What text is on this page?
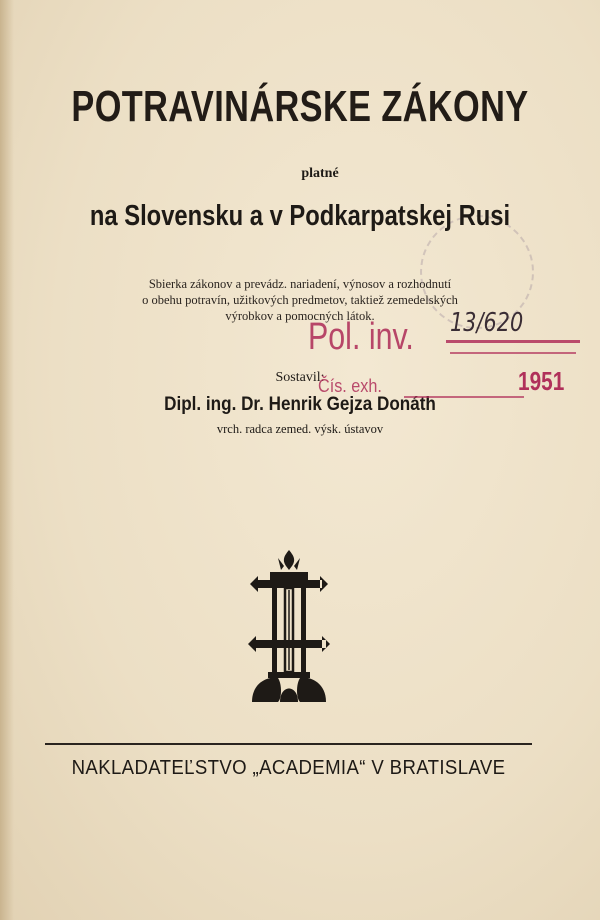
POTRAVINÁRSKE ZÁKONY
platné
na Slovensku a v Podkarpatskej Rusi
Sbierka zákonov a prevádz. nariadení, výnosov a rozhodnutí
o obehu potravín, užitkových predmetov, taktiež zemedelských
výrobkov a pomocných látok.
Sostavil:
Dipl. ing. Dr. Henrik Gejza Donáth
vrch. radca zemed. výsk. ústavov
Pol. inv. 13/620
Čís. exh.	1951
NAKLADATEĽSTVO „ACADEMIA“ V BRATISLAVE
